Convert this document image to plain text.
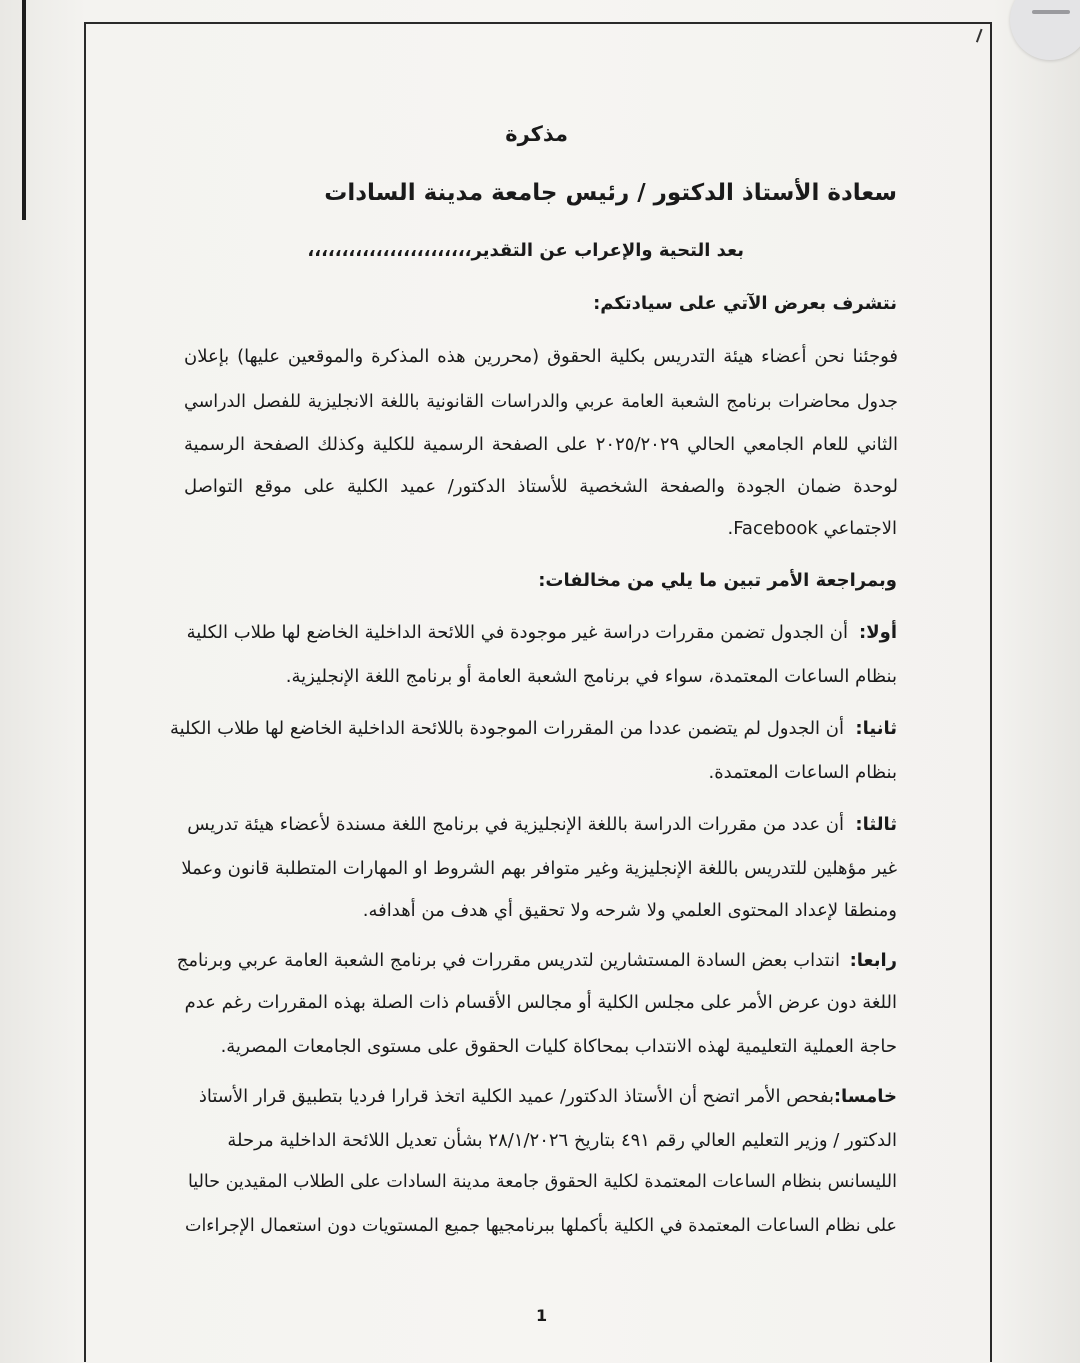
مذكرة
سعادة الأستاذ الدكتور / رئيس جامعة مدينة السادات
بعد التحية والإعراب عن التقدير،،،،،،،،،،،،،،،،،،،،،،،،
نتشرف بعرض الآتي على سيادتكم:
فوجئنا نحن أعضاء هيئة التدريس بكلية الحقوق (محررين هذه المذكرة والموقعين عليها) بإعلان
جدول محاضرات برنامج الشعبة العامة عربي والدراسات القانونية باللغة الانجليزية للفصل الدراسي
الثاني للعام الجامعي الحالي ٢٠٢٥/٢٠٢٩ على الصفحة الرسمية للكلية وكذلك الصفحة الرسمية
لوحدة ضمان الجودة والصفحة الشخصية للأستاذ الدكتور/ عميد الكلية على موقع التواصل
الاجتماعي Facebook.
وبمراجعة الأمر تبين ما يلي من مخالفات:
أولا:
أن الجدول تضمن مقررات دراسة غير موجودة في اللائحة الداخلية الخاضع لها طلاب الكلية
بنظام الساعات المعتمدة، سواء في برنامج الشعبة العامة أو برنامج اللغة الإنجليزية.
ثانيا:
أن الجدول لم يتضمن عددا من المقررات الموجودة باللائحة الداخلية الخاضع لها طلاب الكلية
بنظام الساعات المعتمدة.
ثالثا:
أن عدد من مقررات الدراسة باللغة الإنجليزية في برنامج اللغة مسندة لأعضاء هيئة تدريس
غير مؤهلين للتدريس باللغة الإنجليزية وغير متوافر بهم الشروط او المهارات المتطلبة قانون وعملا
ومنطقا لإعداد المحتوى العلمي ولا شرحه ولا تحقيق أي هدف من أهدافه.
رابعا:
انتداب بعض السادة المستشارين لتدريس مقررات في برنامج الشعبة العامة عربي وبرنامج
اللغة دون عرض الأمر على مجلس الكلية أو مجالس الأقسام ذات الصلة بهذه المقررات رغم عدم
حاجة العملية التعليمية لهذه الانتداب بمحاكاة كليات الحقوق على مستوى الجامعات المصرية.
خامسا:
بفحص الأمر اتضح أن الأستاذ الدكتور/ عميد الكلية اتخذ قرارا فرديا بتطبيق قرار الأستاذ
الدكتور / وزير التعليم العالي رقم ٤٩١ بتاريخ ٢٨/١/٢٠٢٦ بشأن تعديل اللائحة الداخلية مرحلة
الليسانس بنظام الساعات المعتمدة لكلية الحقوق جامعة مدينة السادات على الطلاب المقيدين حاليا
على نظام الساعات المعتمدة في الكلية بأكملها ببرنامجيها جميع المستويات دون استعمال الإجراءات
1
